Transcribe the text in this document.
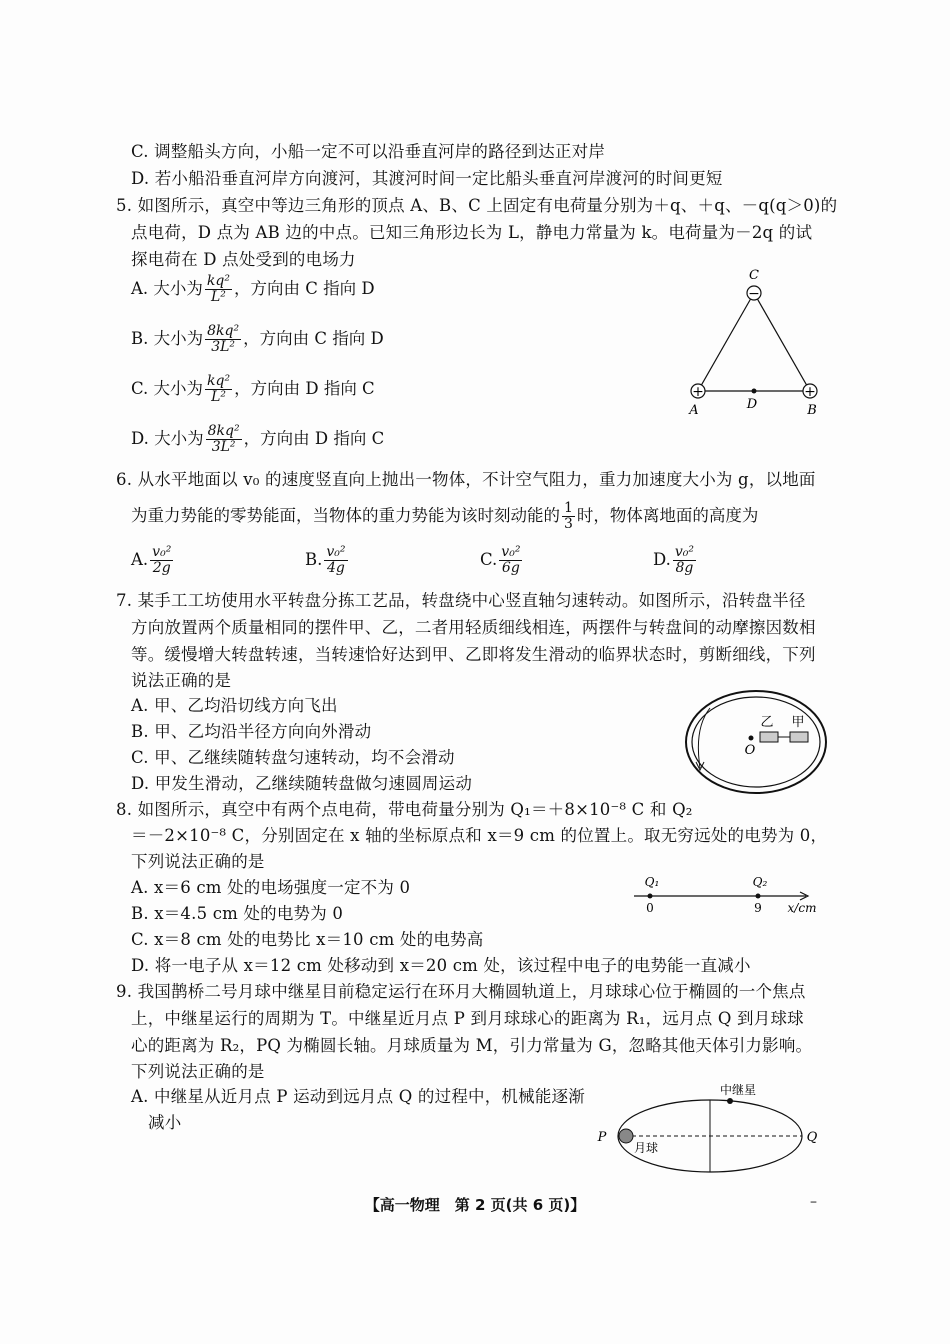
C. 调整船头方向，小船一定不可以沿垂直河岸的路径到达正对岸
D. 若小船沿垂直河岸方向渡河，其渡河时间一定比船头垂直河岸渡河的时间更短
5. 如图所示，真空中等边三角形的顶点 A、B、C 上固定有电荷量分别为＋q、＋q、－q(q＞0)的
点电荷，D 点为 AB 边的中点。已知三角形边长为 L，静电力常量为 k。电荷量为－2q 的试
探电荷在 D 点处受到的电场力
A. 大小为 $\frac{\text{kq²}}{\text{L²}}$ ，方向由 C 指向 D
B. 大小为 $\frac{\text{8kq²}}{\text{3L²}}$ ，方向由 C 指向 D
C. 大小为 $\frac{\text{kq²}}{\text{L²}}$ ，方向由 D 指向 C
D. 大小为 $\frac{\text{8kq²}}{\text{3L²}}$ ，方向由 D 指向 C
−
+	+
C
A	B
D
6. 从水平地面以 v₀ 的速度竖直向上抛出一物体，不计空气阻力，重力加速度大小为 g，以地面
为重力势能的零势能面，当物体的重力势能为该时刻动能的 $\frac{1}{3}$ 时，物体离地面的高度为
A. $\frac{\text{v₀²}}{2g}$	B. $\frac{\text{v₀²}}{4g}$	C. $\frac{\text{v₀²}}{6g}$	D. $\frac{\text{v₀²}}{8g}$
7. 某手工工坊使用水平转盘分拣工艺品，转盘绕中心竖直轴匀速转动。如图所示，沿转盘半径
方向放置两个质量相同的摆件甲、乙，二者用轻质细线相连，两摆件与转盘间的动摩擦因数相
等。缓慢增大转盘转速，当转速恰好达到甲、乙即将发生滑动的临界状态时，剪断细线，下列
说法正确的是
A. 甲、乙均沿切线方向飞出
B. 甲、乙均沿半径方向向外滑动
C. 甲、乙继续随转盘匀速转动，均不会滑动
D. 甲发生滑动，乙继续随转盘做匀速圆周运动
O
乙 甲
8. 如图所示，真空中有两个点电荷，带电荷量分别为 Q₁＝＋8×10⁻⁸ C 和 Q₂
＝－2×10⁻⁸ C，分别固定在 x 轴的坐标原点和 x＝9 cm 的位置上。取无穷远处的电势为 0，
下列说法正确的是
A. x＝6 cm 处的电场强度一定不为 0
B. x＝4.5 cm 处的电势为 0
C. x＝8 cm 处的电势比 x＝10 cm 处的电势高
D. 将一电子从 x＝12 cm 处移动到 x＝20 cm 处，该过程中电子的电势能一直减小
Q₁	Q₂
0	9 x/cm
9. 我国鹊桥二号月球中继星目前稳定运行在环月大椭圆轨道上，月球球心位于椭圆的一个焦点
上，中继星运行的周期为 T。中继星近月点 P 到月球球心的距离为 R₁，远月点 Q 到月球球
心的距离为 R₂，PQ 为椭圆长轴。月球质量为 M，引力常量为 G，忽略其他天体引力影响。
下列说法正确的是
A. 中继星从近月点 P 运动到远月点 Q 的过程中，机械能逐渐
减小
中继星
月球
P	Q
【高一物理　第 2 页(共 6 页)】	–
